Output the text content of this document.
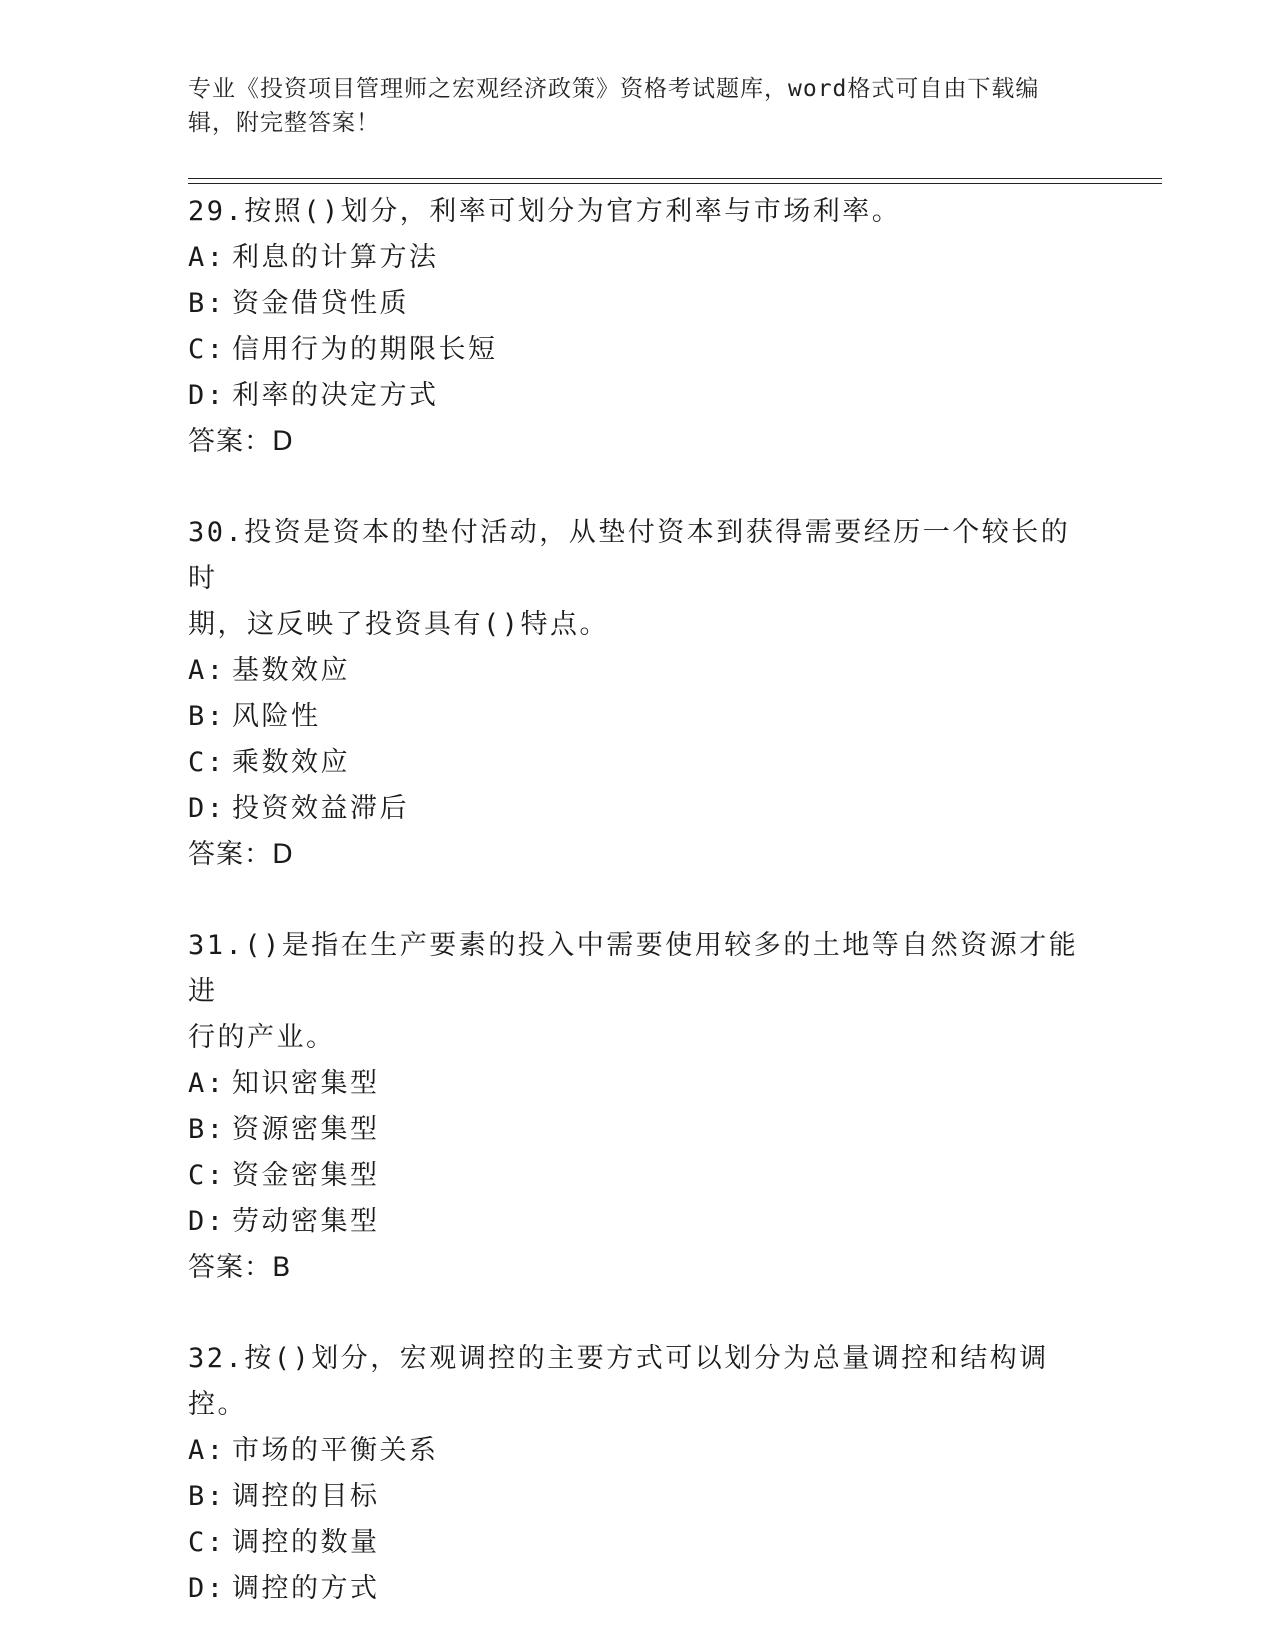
专业《投资项目管理师之宏观经济政策》资格考试题库，word格式可自由下载编
辑，附完整答案！
29.按照()划分，利率可划分为官方利率与市场利率。
A: 利息的计算方法
B: 资金借贷性质
C: 信用行为的期限长短
D: 利率的决定方式
答案：D
30.投资是资本的垫付活动，从垫付资本到获得需要经历一个较长的时
期，这反映了投资具有()特点。
A: 基数效应
B: 风险性
C: 乘数效应
D: 投资效益滞后
答案：D
31.()是指在生产要素的投入中需要使用较多的土地等自然资源才能进
行的产业。
A: 知识密集型
B: 资源密集型
C: 资金密集型
D: 劳动密集型
答案：B
32.按()划分，宏观调控的主要方式可以划分为总量调控和结构调控。
A: 市场的平衡关系
B: 调控的目标
C: 调控的数量
D: 调控的方式
